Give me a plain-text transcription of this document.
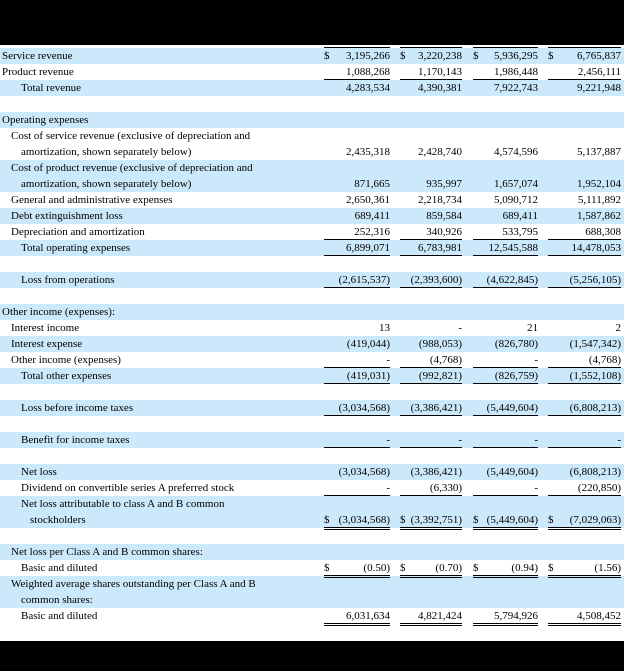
Service revenue	$ 3,195,266 $ 3,220,238 $ 5,936,295 $ 6,765,837
Product revenue	1,088,268	1,170,143	1,986,448	2,456,111
Total revenue	4,283,534	4,390,381	7,922,743	9,221,948
Operating expenses
Cost of service revenue (exclusive of depreciation and
amortization, shown separately below)	2,435,318	2,428,740	4,574,596	5,137,887
Cost of product revenue (exclusive of depreciation and
amortization, shown separately below)	871,665	935,997	1,657,074	1,952,104
General and administrative expenses	2,650,361	2,218,734	5,090,712	5,111,892
Debt extinguishment loss	689,411	859,584	689,411	1,587,862
Depreciation and amortization	252,316	340,926	533,795	688,308
Total operating expenses	6,899,071	6,783,981	12,545,588	14,478,053
Loss from operations	(2,615,537)	(2,393,600)	(4,622,845)	(5,256,105)
Other income (expenses):
Interest income	13	-	21	2
Interest expense	(419,044)	(988,053)	(826,780)	(1,547,342)
Other income (expenses)	-	(4,768)	-	(4,768)
Total other expenses	(419,031)	(992,821)	(826,759)	(1,552,108)
Loss before income taxes	(3,034,568)	(3,386,421)	(5,449,604)	(6,808,213)
Benefit for income taxes	-	-	-	-
Net loss	(3,034,568)	(3,386,421)	(5,449,604)	(6,808,213)
Dividend on convertible series A preferred stock	-	(6,330)	-	(220,850)
Net loss attributable to class A and B common
stockholders	$ (3,034,568) $ (3,392,751) $ (5,449,604) $ (7,029,063)
Net loss per Class A and B common shares:
Basic and diluted	$	(0.50) $	(0.70) $	(0.94) $	(1.56)
Weighted average shares outstanding per Class A and B
common shares:
Basic and diluted	6,031,634	4,821,424	5,794,926	4,508,452
